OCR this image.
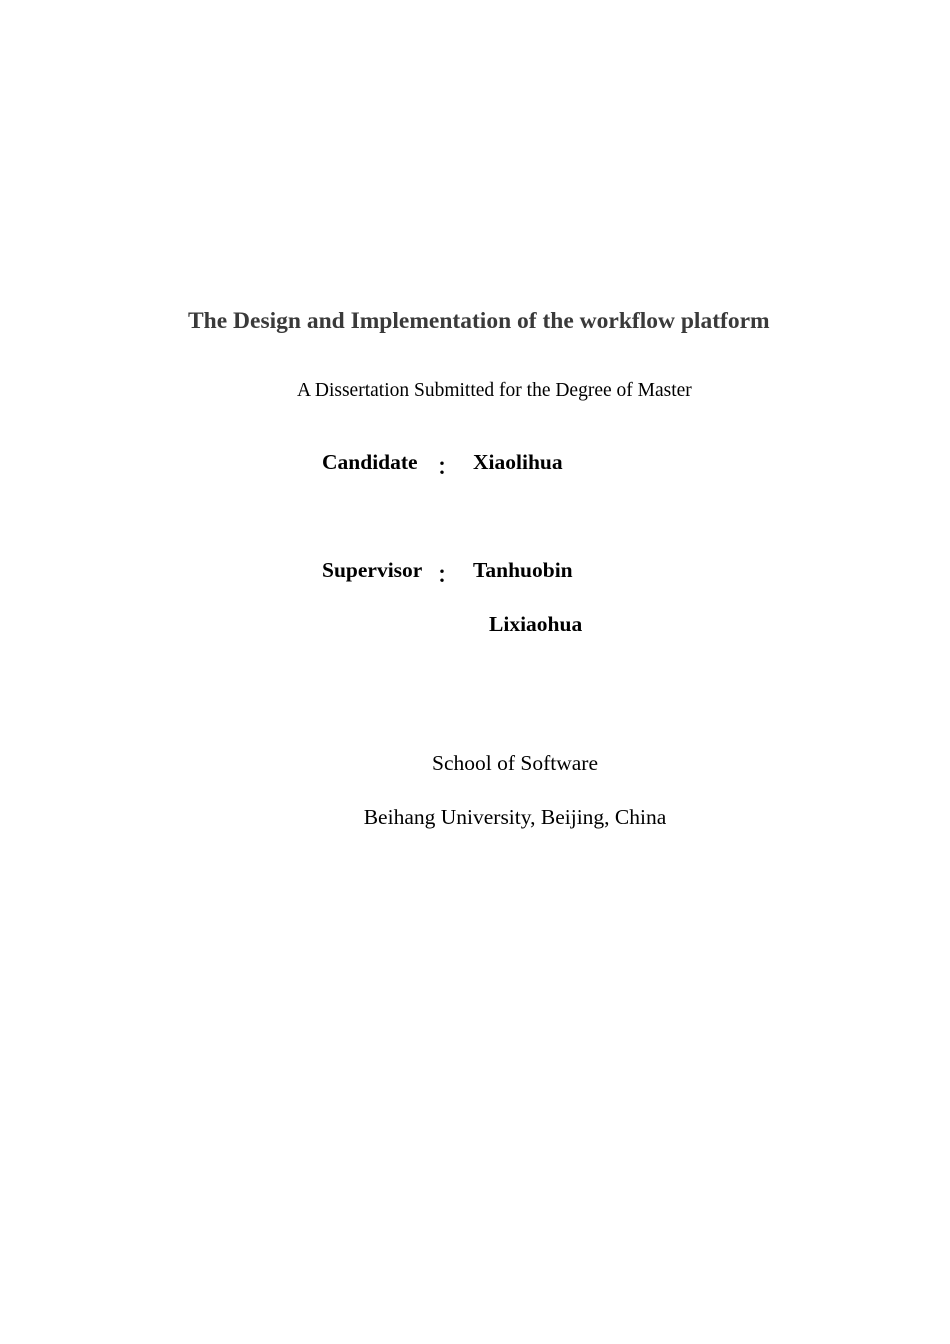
The Design and Implementation of the workflow platform
A Dissertation Submitted for the Degree of Master
Candidate ： Xiaolihua
Supervisor ： Tanhuobin
Lixiaohua
School of Software
Beihang University, Beijing, China
